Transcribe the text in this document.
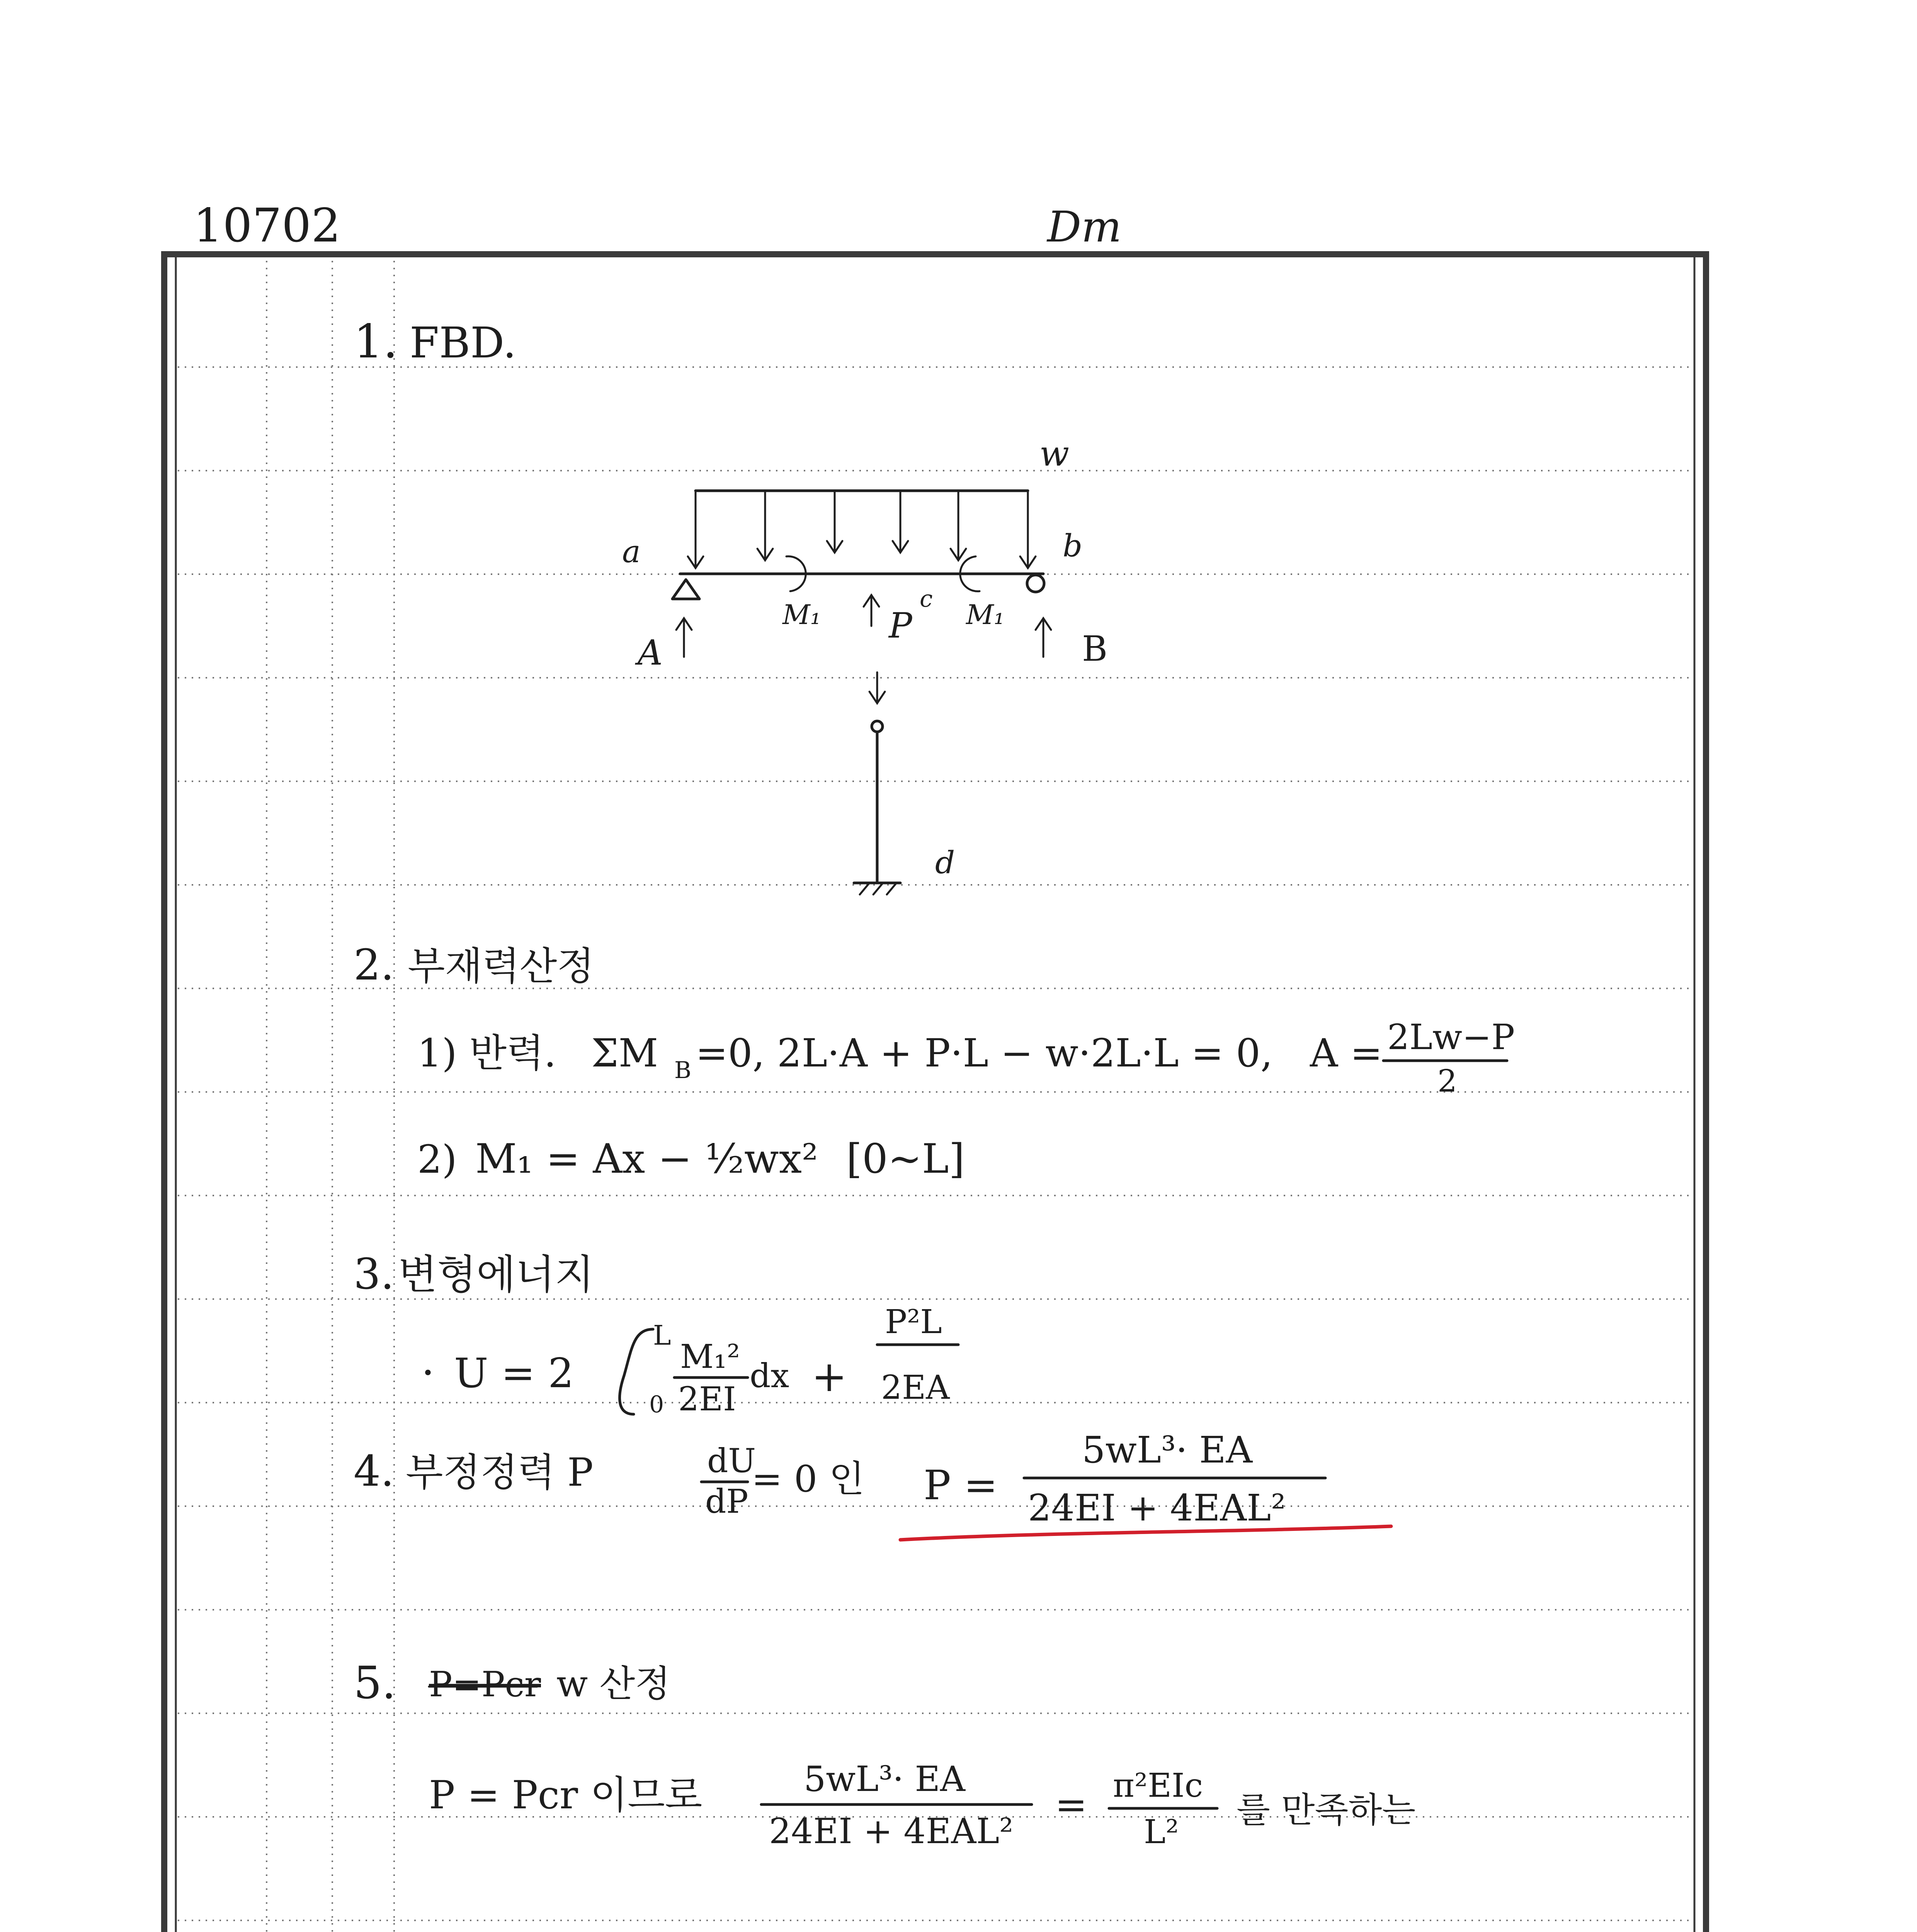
10702	Dm
1. FBD.
w
a	b
M₁	M₁
P
c
A	B
d
2. 부재력산정
1) 반력. ΣM B =0, 2L·A + P·L − w·2L·L = 0, A = 2Lw−P
2
2) M₁ = Ax − ½wx² [0~L]
3. 변형에너지
· U = 2
L
0
M₁²
2EI
dx +
P²L
2EA
4. 부정정력 P	dU
dP
= 0 인 P =
5wL³· EA
24EI + 4EAL²
5. P=Pcr w 산정
P = Pcr 이므로	5wL³· EA
24EI + 4EAL²
= π²EIc
L²
를 만족하는
